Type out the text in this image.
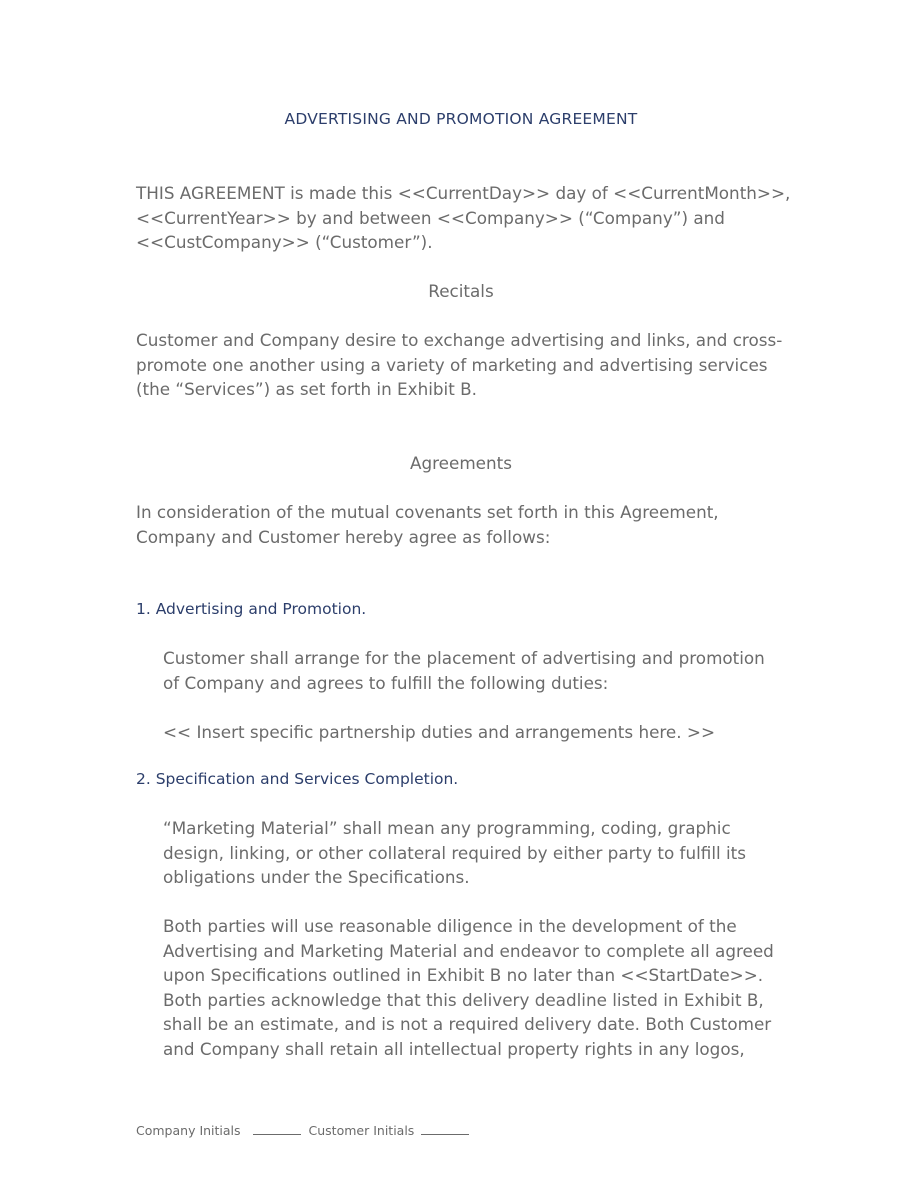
ADVERTISING AND PROMOTION AGREEMENT
THIS AGREEMENT is made this <<CurrentDay>> day of <<CurrentMonth>>,
<<CurrentYear>> by and between <<Company>> (“Company”) and
<<CustCompany>> (“Customer”).
Recitals
Customer and Company desire to exchange advertising and links, and cross-
promote one another using a variety of marketing and advertising services
(the “Services”) as set forth in Exhibit B.
Agreements
In consideration of the mutual covenants set forth in this Agreement,
Company and Customer hereby agree as follows:
1. Advertising and Promotion.
Customer shall arrange for the placement of advertising and promotion
of Company and agrees to fulfill the following duties:
<< Insert specific partnership duties and arrangements here. >>
2. Specification and Services Completion.
“Marketing Material” shall mean any programming, coding, graphic
design, linking, or other collateral required by either party to fulfill its
obligations under the Specifications.
Both parties will use reasonable diligence in the development of the
Advertising and Marketing Material and endeavor to complete all agreed
upon Specifications outlined in Exhibit B no later than <<StartDate>>.
Both parties acknowledge that this delivery deadline listed in Exhibit B,
shall be an estimate, and is not a required delivery date. Both Customer
and Company shall retain all intellectual property rights in any logos,
Company Initials	Customer Initials
